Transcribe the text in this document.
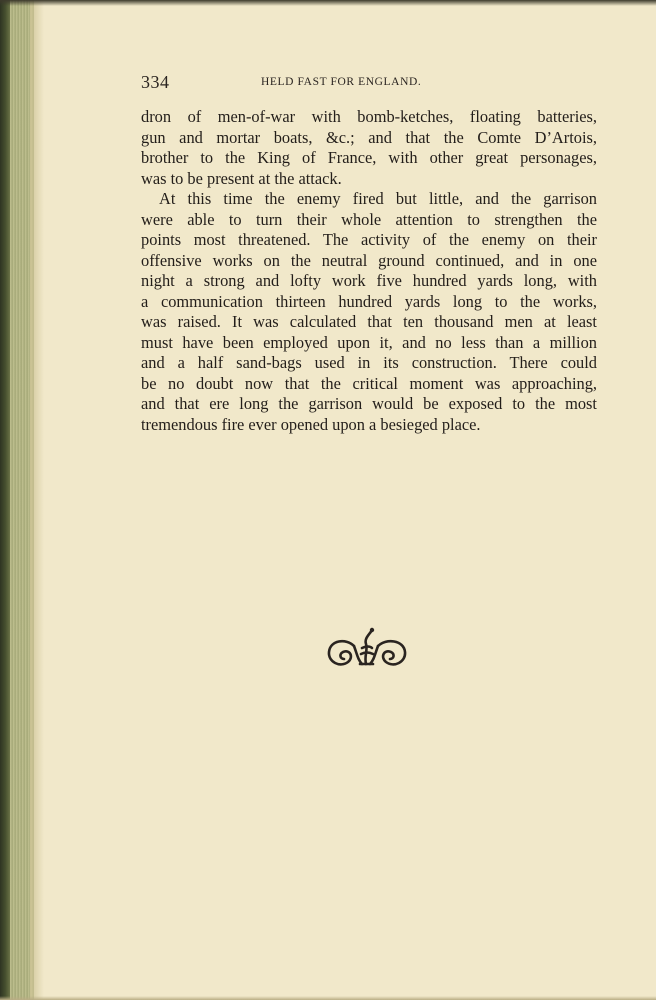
334	HELD FAST FOR ENGLAND.
dron of men-of-war with bomb-ketches, floating batteries,
gun and mortar boats, &c.; and that the Comte D’Artois,
brother to the King of France, with other great personages,
was to be present at the attack.
At this time the enemy fired but little, and the garrison
were able to turn their whole attention to strengthen the
points most threatened. The activity of the enemy on their
offensive works on the neutral ground continued, and in one
night a strong and lofty work five hundred yards long, with
a communication thirteen hundred yards long to the works,
was raised. It was calculated that ten thousand men at least
must have been employed upon it, and no less than a million
and a half sand-bags used in its construction. There could
be no doubt now that the critical moment was approaching,
and that ere long the garrison would be exposed to the most
tremendous fire ever opened upon a besieged place.
